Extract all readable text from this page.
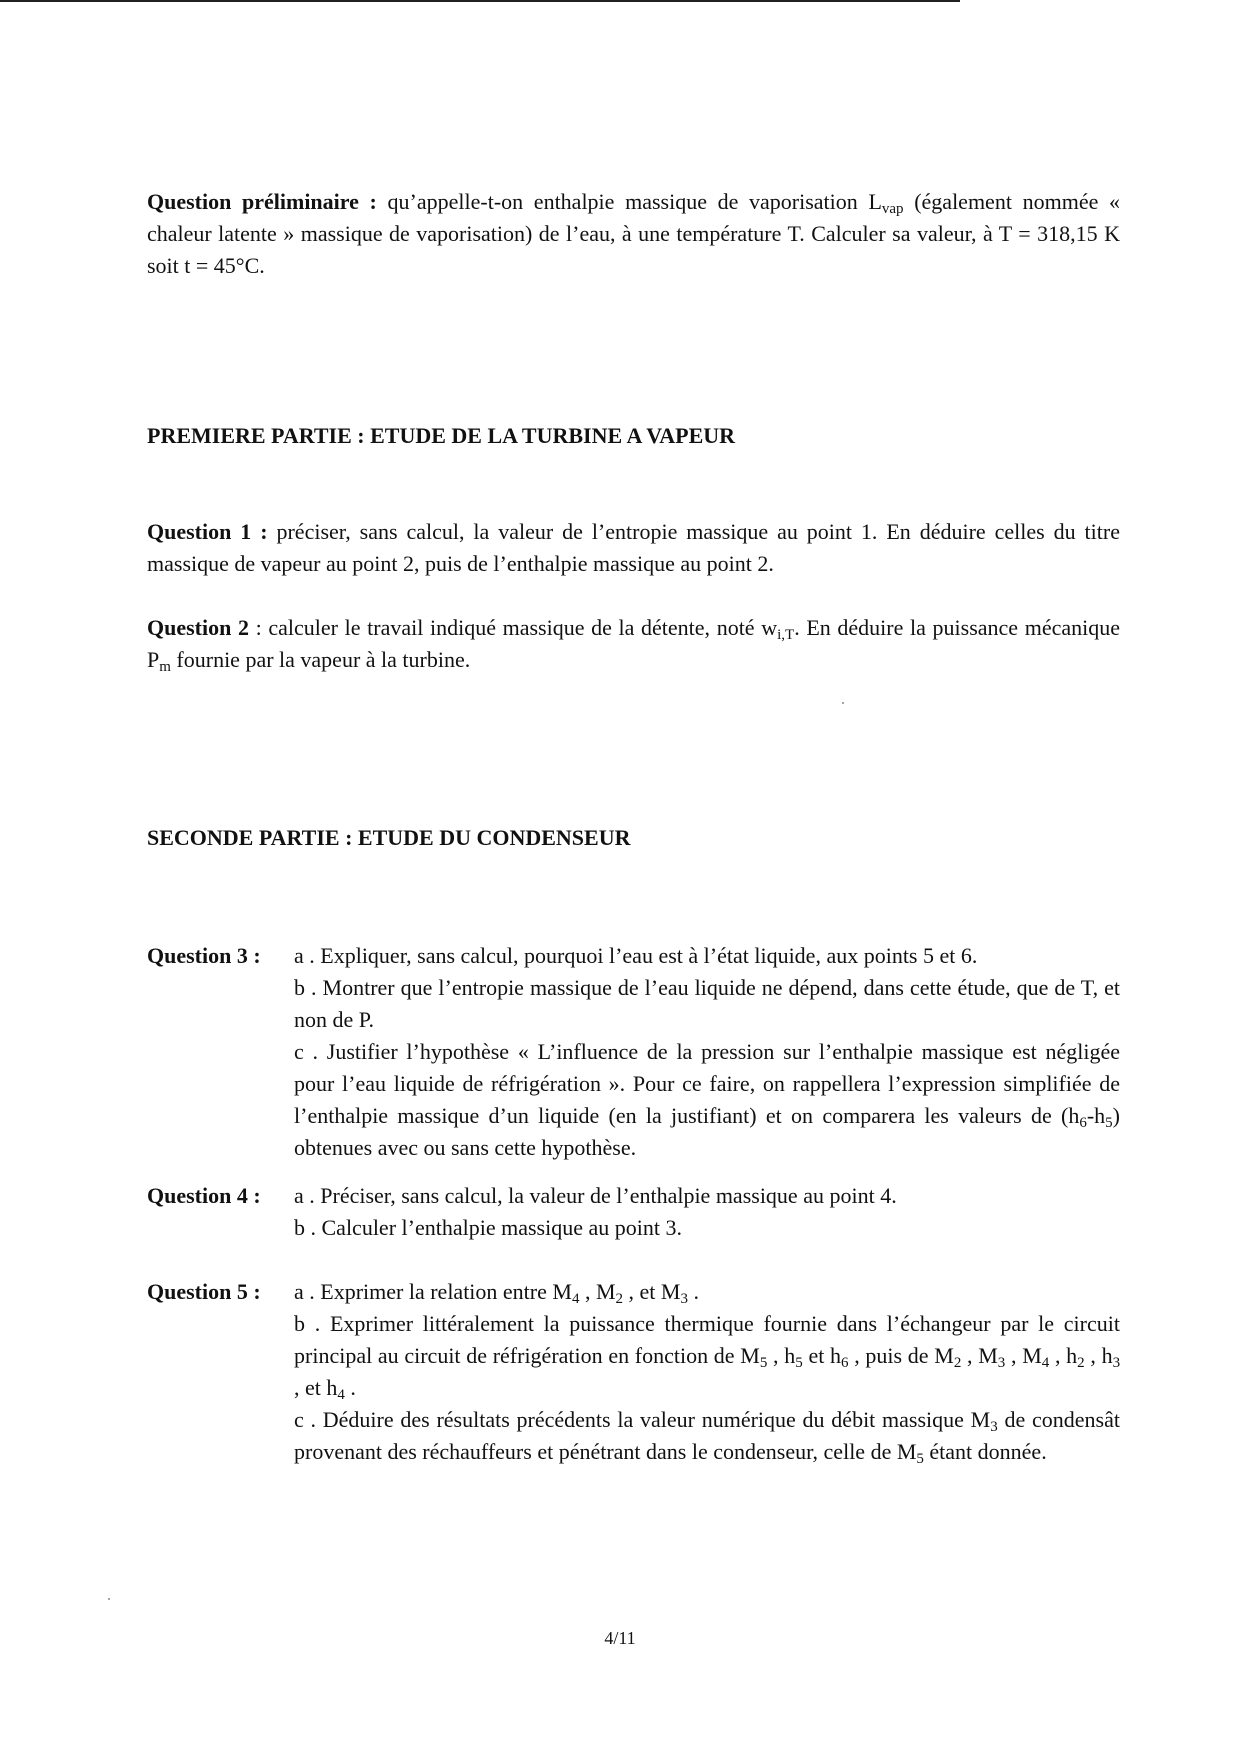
Question préliminaire : qu’appelle-t-on enthalpie massique de vaporisation $L_{vap}$ (également nommée « chaleur latente » massique de vaporisation) de l’eau, à une température T. Calculer sa valeur, à T = 318,15 K soit t = 45°C.

PREMIERE PARTIE : ETUDE DE LA TURBINE A VAPEUR

Question 1 : préciser, sans calcul, la valeur de l’entropie massique au point 1. En déduire celles du titre massique de vapeur au point 2, puis de l’enthalpie massique au point 2.

Question 2 : calculer le travail indiqué massique de la détente, noté $w_{i,T}$. En déduire la puissance mécanique $P_m$ fournie par la vapeur à la turbine.

SECONDE PARTIE : ETUDE DU CONDENSEUR
Question 3 :	a . Expliquer, sans calcul, pourquoi l’eau est à l’état liquide, aux points 5 et 6.
b . Montrer que l’entropie massique de l’eau liquide ne dépend, dans cette étude, que de T, et non de P.
c . Justifier l’hypothèse « L’influence de la pression sur l’enthalpie massique est négligée pour l’eau liquide de réfrigération ». Pour ce faire, on rappellera l’expression simplifiée de l’enthalpie massique d’un liquide (en la justifiant) et on comparera les valeurs de $(h_6-h_5)$ obtenues avec ou sans cette hypothèse.
Question 4 :	a . Préciser, sans calcul, la valeur de l’enthalpie massique au point 4.
b . Calculer l’enthalpie massique au point 3.
Question 5 :	a . Exprimer la relation entre $M_4$ , $M_2$ , et $M_3$ .
b . Exprimer littéralement la puissance thermique fournie dans l’échangeur par le circuit principal au circuit de réfrigération en fonction de $M_5$ , $h_5$ et $h_6$ , puis de $M_2$ , $M_3$ , $M_4$ , $h_2$ , $h_3$ , et $h_4$ .
c . Déduire des résultats précédents la valeur numérique du débit massique $M_3$ de condensât provenant des réchauffeurs et pénétrant dans le condenseur, celle de $M_5$ étant donnée.
4/11
